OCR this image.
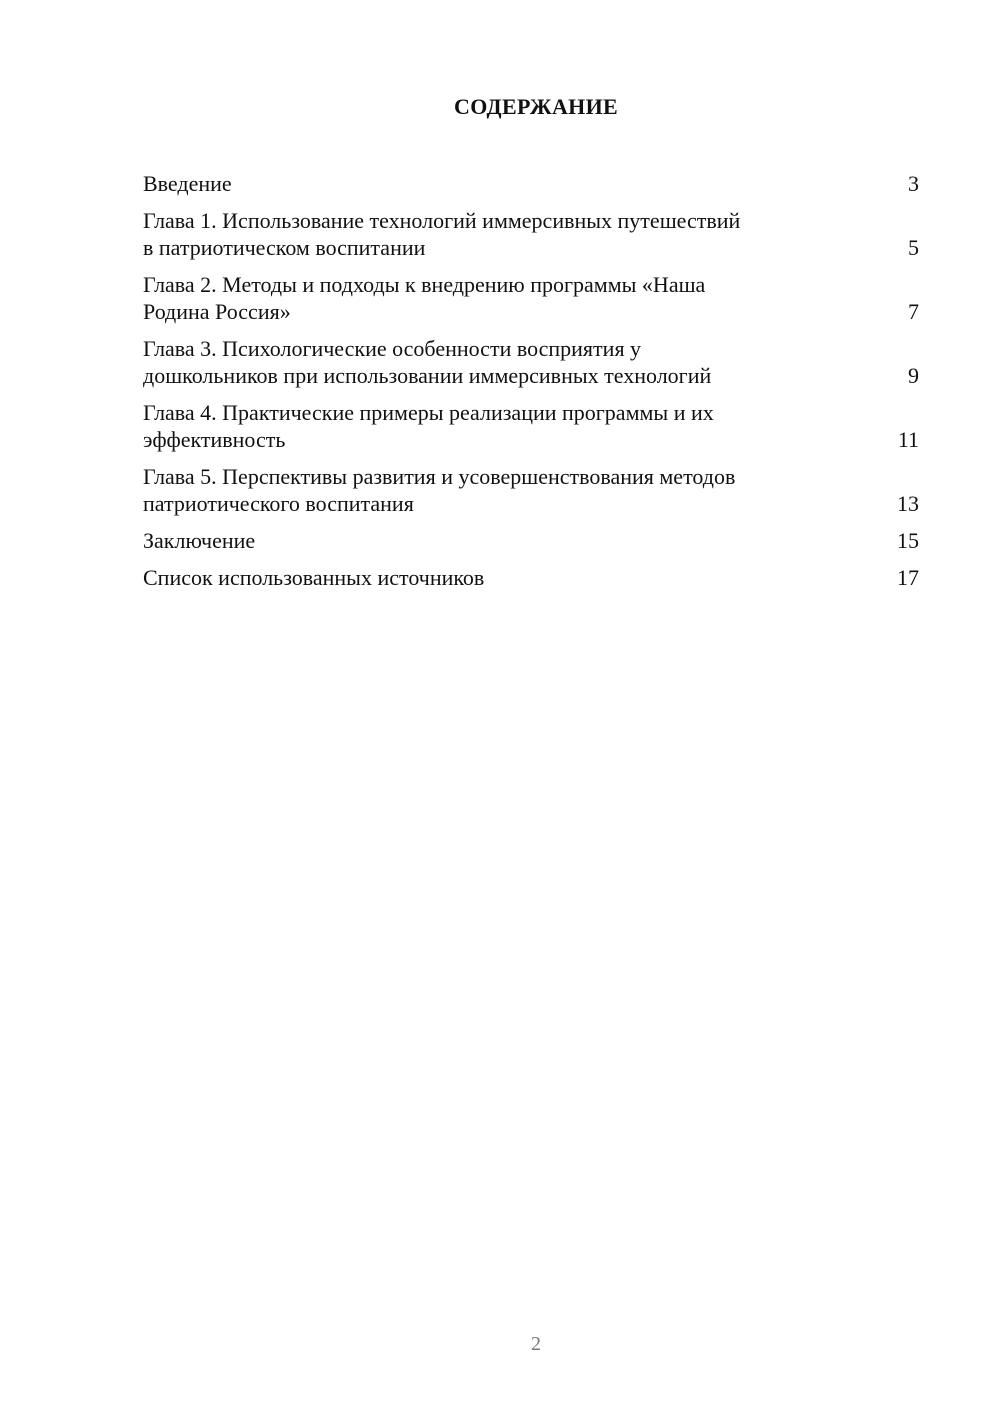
СОДЕРЖАНИЕ
Введение	3
Глава 1. Использование технологий иммерсивных путешествий
в патриотическом воспитании	5
Глава 2. Методы и подходы к внедрению программы «Наша
Родина Россия»	7
Глава 3. Психологические особенности восприятия у
дошкольников при использовании иммерсивных технологий	9
Глава 4. Практические примеры реализации программы и их
эффективность	11
Глава 5. Перспективы развития и усовершенствования методов
патриотического воспитания	13
Заключение	15
Список использованных источников	17
2
